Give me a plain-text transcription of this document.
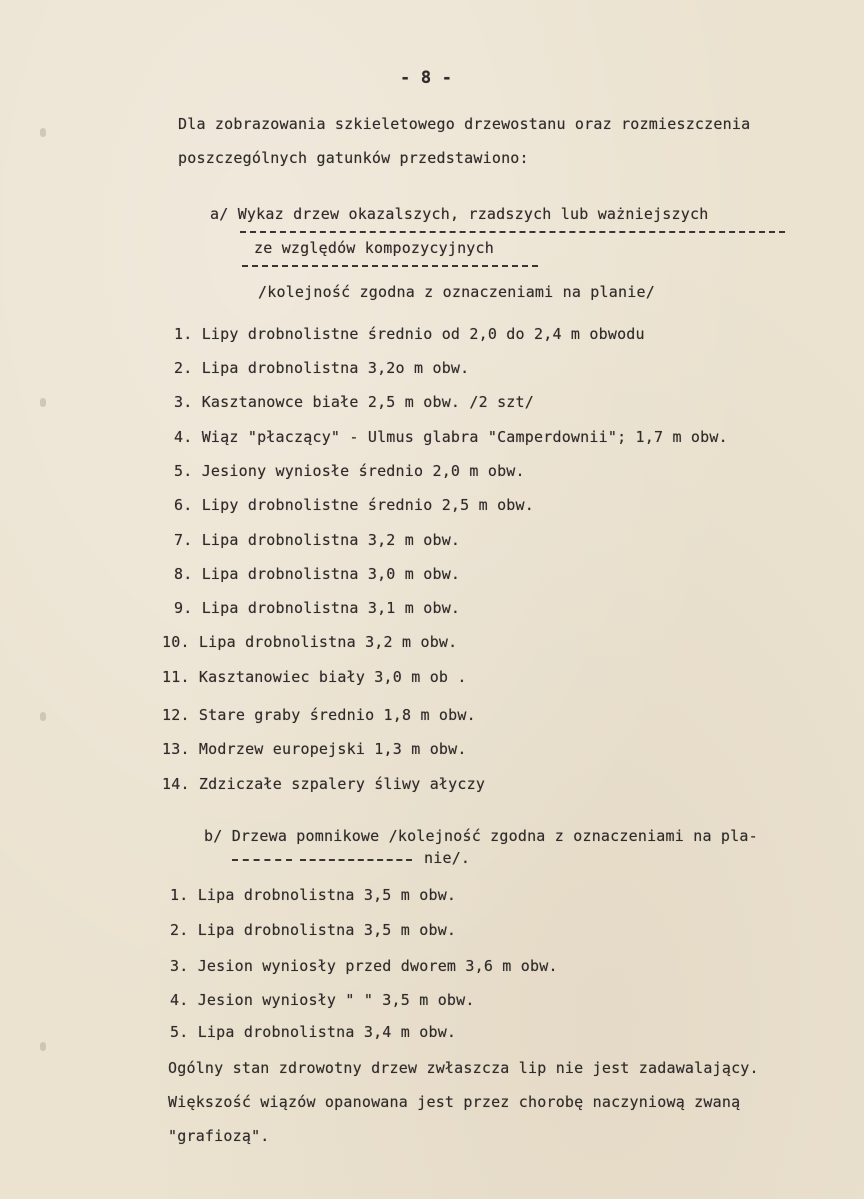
- 8 -
Dla zobrazowania szkieletowego drzewostanu oraz rozmieszczenia
poszczególnych gatunków przedstawiono:
a/ Wykaz drzew okazalszych, rzadszych lub ważniejszych
ze względów kompozycyjnych
/kolejność zgodna z oznaczeniami na planie/
1. Lipy drobnolistne średnio od 2,0 do 2,4 m obwodu
2. Lipa drobnolistna 3,2o m obw.
3. Kasztanowce białe 2,5 m obw. /2 szt/
4. Wiąz "płaczący" - Ulmus glabra "Camperdownii"; 1,7 m obw.
5. Jesiony wyniosłe średnio 2,0 m obw.
6. Lipy drobnolistne średnio 2,5 m obw.
7. Lipa drobnolistna 3,2 m obw.
8. Lipa drobnolistna 3,0 m obw.
9. Lipa drobnolistna 3,1 m obw.
10. Lipa drobnolistna 3,2 m obw.
11. Kasztanowiec biały 3,0 m ob .
12. Stare graby średnio 1,8 m obw.
13. Modrzew europejski 1,3 m obw.
14. Zdziczałe szpalery śliwy ałyczy
b/ Drzewa pomnikowe /kolejność zgodna z oznaczeniami na pla-
nie/.
1. Lipa drobnolistna 3,5 m obw.
2. Lipa drobnolistna 3,5 m obw.
3. Jesion wyniosły przed dworem 3,6 m obw.
4. Jesion wyniosły " " 3,5 m obw.
5. Lipa drobnolistna 3,4 m obw.
Ogólny stan zdrowotny drzew zwłaszcza lip nie jest zadawalający.
Większość wiązów opanowana jest przez chorobę naczyniową zwaną
"grafiozą".
